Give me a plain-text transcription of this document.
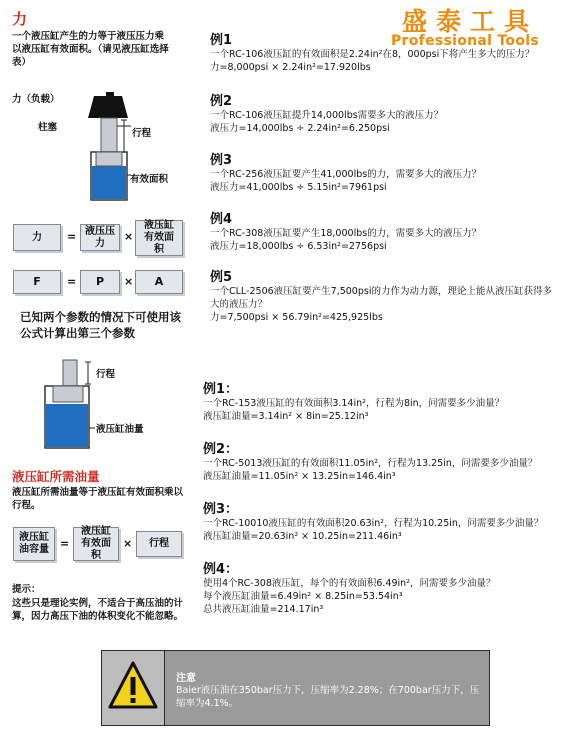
盛泰工具
Professional Tools
力
一个液压缸产生的力等于液压压力乘以液压缸有效面积。（请见液压缸选择表）
力（负载）
柱塞
行程
有效面积
力	= 液压压力	×
液压缸有效面积
F	=	P	×	A
已知两个参数的情况下可使用该公式计算出第三个参数
例1
一个RC-106液压缸的有效面积是2.24in²在8，000psi下将产生多大的压力？
力=8,000psi × 2.24in²=17.920lbs
例2
一个RC-106液压缸提升14,000lbs需要多大的液压力？
液压力=14,000lbs ÷ 2.24in²=6.250psi
例3
一个RC-256液压缸要产生41,000lbs的力，需要多大的液压力？
液压力=41,000lbs ÷ 5.15in²=7961psi
例4
一个RC-308液压缸要产生18,000lbs的力，需要多大的液压力？
液压力=18,000lbs ÷ 6.53in²=2756psi
例5
一个CLL-2506液压缸要产生7,500psi的力作为动力源，理论上能从液压缸获得多大的液压力？
力=7,500psi × 56.79in²=425,925lbs
行程
液压缸油量
液压缸所需油量
液压缸所需油量等于液压缸有效面积乘以行程。
液压缸油容量	=
液压缸有效面积
×	行程
提示：
这些只是理论实例，不适合于高压油的计算，因力高压下油的体积变化不能忽略。
例1：
一个RC-153液压缸的有效面积3.14in²，行程为8in，问需要多少油量？
液压缸油量=3.14in² × 8in=25.12in³
例2：
一个RC-5013液压缸的有效面积11.05in²，行程为13.25in，问需要多少油量？
液压缸油量=11.05in² × 13.25in=146.4in³
例3：
一个RC-10010液压缸的有效面积20.63in²，行程为10.25in，问需要多少油量？
液压缸油量=20.63in² × 10.25in=211.46in³
例4：
使用4个RC-308液压缸，每个的有效面积6.49in²，问需要多少油量？
每个液压缸油量=6.49in² × 8.25in=53.54in³
总共液压缸油量=214.17in³
注意
Baier液压油在350bar压力下，压缩率为2.28%；在700bar压力下，压缩率为4.1%。
